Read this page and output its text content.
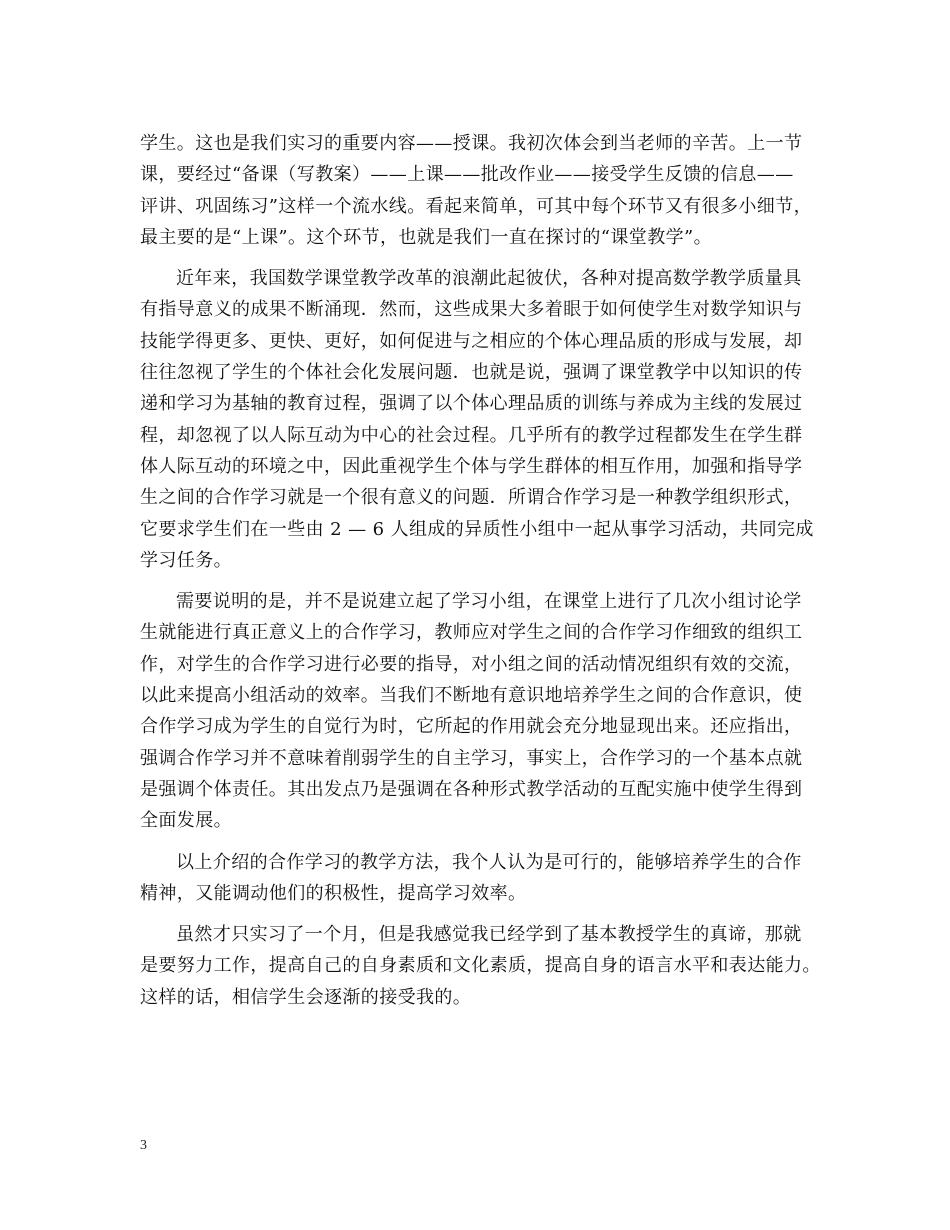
学生。这也是我们实习的重要内容——授课。我初次体会到当老师的辛苦。上一节
课，要经过“备课（写教案）——上课——批改作业——接受学生反馈的信息——
评讲、巩固练习”这样一个流水线。看起来简单，可其中每个环节又有很多小细节，
最主要的是“上课”。这个环节，也就是我们一直在探讨的“课堂教学”。
近年来，我国数学课堂教学改革的浪潮此起彼伏，各种对提高数学教学质量具
有指导意义的成果不断涌现．然而，这些成果大多着眼于如何使学生对数学知识与
技能学得更多、更快、更好，如何促进与之相应的个体心理品质的形成与发展，却
往往忽视了学生的个体社会化发展问题．也就是说，强调了课堂教学中以知识的传
递和学习为基轴的教育过程，强调了以个体心理品质的训练与养成为主线的发展过
程，却忽视了以人际互动为中心的社会过程。几乎所有的教学过程都发生在学生群
体人际互动的环境之中，因此重视学生个体与学生群体的相互作用，加强和指导学
生之间的合作学习就是一个很有意义的问题．所谓合作学习是一种教学组织形式，
它要求学生们在一些由 2 — 6 人组成的异质性小组中一起从事学习活动，共同完成
学习任务。
需要说明的是，并不是说建立起了学习小组，在课堂上进行了几次小组讨论学
生就能进行真正意义上的合作学习，教师应对学生之间的合作学习作细致的组织工
作，对学生的合作学习进行必要的指导，对小组之间的活动情况组织有效的交流，
以此来提高小组活动的效率。当我们不断地有意识地培养学生之间的合作意识，使
合作学习成为学生的自觉行为时，它所起的作用就会充分地显现出来。还应指出，
强调合作学习并不意味着削弱学生的自主学习，事实上，合作学习的一个基本点就
是强调个体责任。其出发点乃是强调在各种形式教学活动的互配实施中使学生得到
全面发展。
以上介绍的合作学习的教学方法，我个人认为是可行的，能够培养学生的合作
精神，又能调动他们的积极性，提高学习效率。
虽然才只实习了一个月，但是我感觉我已经学到了基本教授学生的真谛，那就
是要努力工作，提高自己的自身素质和文化素质，提高自身的语言水平和表达能力。
这样的话，相信学生会逐渐的接受我的。
3
